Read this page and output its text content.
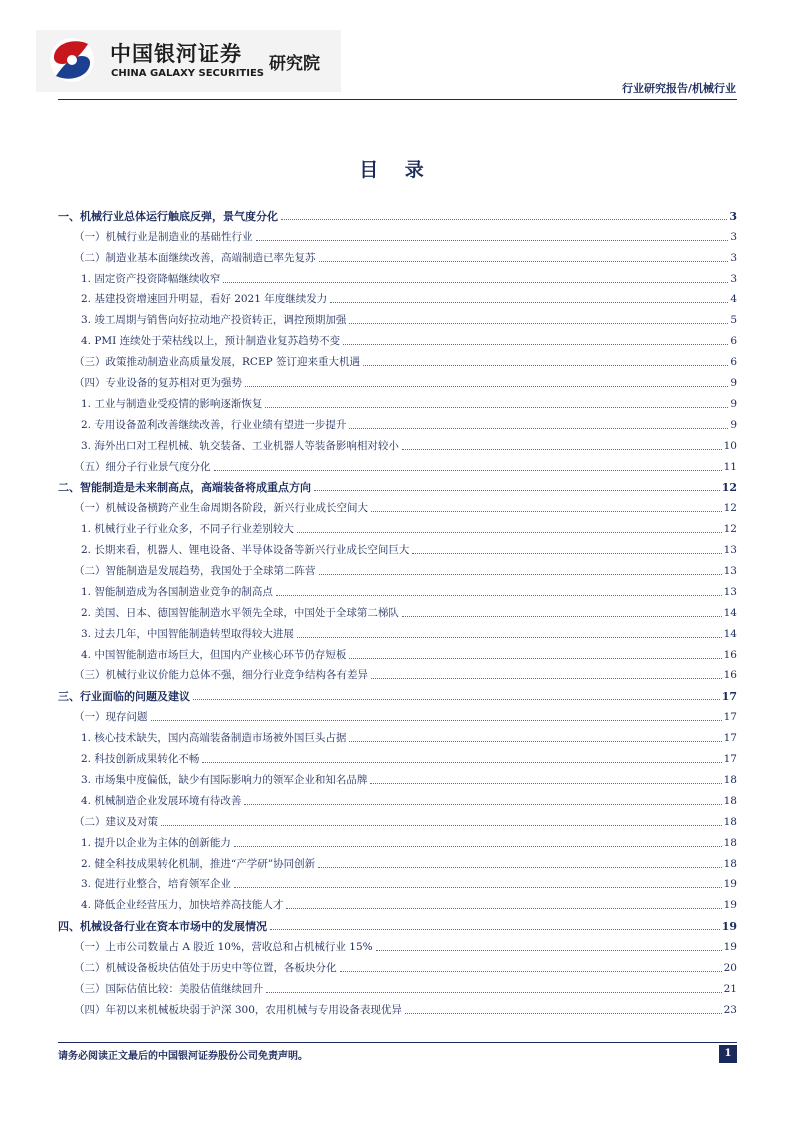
中国银河证券
CHINA GALAXY SECURITIES 研究院
行业研究报告/机械行业
目 录
一、机械行业总体运行触底反弹，景气度分化	3
（一）机械行业是制造业的基础性行业	3
（二）制造业基本面继续改善，高端制造已率先复苏	3
1. 固定资产投资降幅继续收窄	3
2. 基建投资增速回升明显，看好 2021 年度继续发力	4
3. 竣工周期与销售向好拉动地产投资转正，调控预期加强	5
4. PMI 连续处于荣枯线以上，预计制造业复苏趋势不变	6
（三）政策推动制造业高质量发展，RCEP 签订迎来重大机遇	6
（四）专业设备的复苏相对更为强势	9
1. 工业与制造业受疫情的影响逐渐恢复	9
2. 专用设备盈利改善继续改善，行业业绩有望进一步提升	9
3. 海外出口对工程机械、轨交装备、工业机器人等装备影响相对较小	10
（五）细分子行业景气度分化	11
二、智能制造是未来制高点，高端装备将成重点方向	12
（一）机械设备横跨产业生命周期各阶段，新兴行业成长空间大	12
1. 机械行业子行业众多，不同子行业差别较大	12
2. 长期来看，机器人、锂电设备、半导体设备等新兴行业成长空间巨大	13
（二）智能制造是发展趋势，我国处于全球第二阵营	13
1. 智能制造成为各国制造业竞争的制高点	13
2. 美国、日本、德国智能制造水平领先全球，中国处于全球第二梯队	14
3. 过去几年，中国智能制造转型取得较大进展	14
4. 中国智能制造市场巨大，但国内产业核心环节仍存短板	16
（三）机械行业议价能力总体不强，细分行业竞争结构各有差异	16
三、行业面临的问题及建议	17
（一）现存问题	17
1. 核心技术缺失，国内高端装备制造市场被外国巨头占据	17
2. 科技创新成果转化不畅	17
3. 市场集中度偏低，缺少有国际影响力的领军企业和知名品牌	18
4. 机械制造企业发展环境有待改善	18
（二）建议及对策	18
1. 提升以企业为主体的创新能力	18
2. 健全科技成果转化机制，推进“产学研”协同创新	18
3. 促进行业整合，培育领军企业	19
4. 降低企业经营压力，加快培养高技能人才	19
四、机械设备行业在资本市场中的发展情况	19
（一）上市公司数量占 A 股近 10%，营收总和占机械行业 15%	19
（二）机械设备板块估值处于历史中等位置，各板块分化	20
（三）国际估值比较：美股估值继续回升	21
（四）年初以来机械板块弱于沪深 300，农用机械与专用设备表现优异	23
请务必阅读正文最后的中国银河证券股份公司免责声明。	1
